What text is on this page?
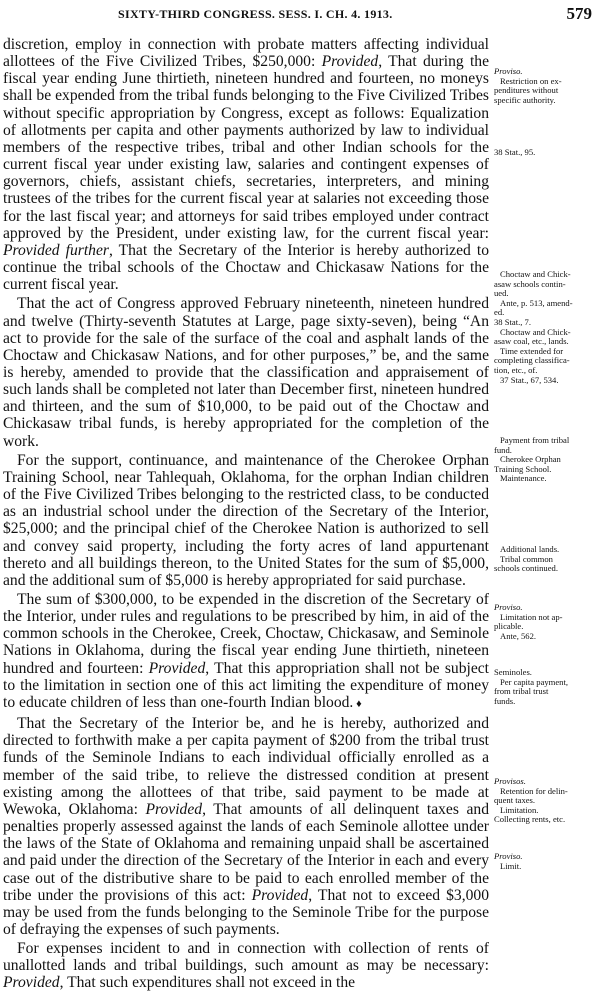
SIXTY-THIRD CONGRESS. SESS. I. CH. 4. 1913.	579

discretion, employ in connection with probate matters affecting individual allottees of the Five Civilized Tribes, $250,000: Provided, That during the fiscal year ending June thirtieth, nineteen hundred and fourteen, no moneys shall be expended from the tribal funds belonging to the Five Civilized Tribes without specific appropriation by Congress, except as follows: Equalization of allotments per capita and other payments authorized by law to individual members of the respective tribes, tribal and other Indian schools for the current fiscal year under existing law, salaries and contingent expenses of governors, chiefs, assistant chiefs, secretaries, interpreters, and mining trustees of the tribes for the current fiscal year at salaries not exceeding those for the last fiscal year; and attorneys for said tribes employed under contract approved by the President, under existing law, for the current fiscal year: Provided further, That the Secretary of the Interior is hereby authorized to continue the tribal schools of the Choctaw and Chickasaw Nations for the current fiscal year.

That the act of Congress approved February nineteenth, nineteen hundred and twelve (Thirty-seventh Statutes at Large, page sixty-seven), being “An act to provide for the sale of the surface of the coal and asphalt lands of the Choctaw and Chickasaw Nations, and for other purposes,” be, and the same is hereby, amended to provide that the classification and appraisement of such lands shall be completed not later than December first, nineteen hundred and thirteen, and the sum of $10,000, to be paid out of the Choctaw and Chickasaw tribal funds, is hereby appropriated for the completion of the work.

For the support, continuance, and maintenance of the Cherokee Orphan Training School, near Tahlequah, Oklahoma, for the orphan Indian children of the Five Civilized Tribes belonging to the restricted class, to be conducted as an industrial school under the direction of the Secretary of the Interior, $25,000; and the principal chief of the Cherokee Nation is authorized to sell and convey said property, including the forty acres of land appurtenant thereto and all buildings thereon, to the United States for the sum of $5,000, and the additional sum of $5,000 is hereby appropriated for said purchase.

The sum of $300,000, to be expended in the discretion of the Secretary of the Interior, under rules and regulations to be prescribed by him, in aid of the common schools in the Cherokee, Creek, Choctaw, Chickasaw, and Seminole Nations in Oklahoma, during the fiscal year ending June thirtieth, nineteen hundred and fourteen: Provided, That this appropriation shall not be subject to the limitation in section one of this act limiting the expenditure of money to educate children of less than one-fourth Indian blood. ♦

That the Secretary of the Interior be, and he is hereby, authorized and directed to forthwith make a per capita payment of $200 from the tribal trust funds of the Seminole Indians to each individual officially enrolled as a member of the said tribe, to relieve the distressed condition at present existing among the allottees of that tribe, said payment to be made at Wewoka, Oklahoma: Provided, That amounts of all delinquent taxes and penalties properly assessed against the lands of each Seminole allottee under the laws of the State of Oklahoma and remaining unpaid shall be ascertained and paid under the direction of the Secretary of the Interior in each and every case out of the distributive share to be paid to each enrolled member of the tribe under the provisions of this act: Provided, That not to exceed $3,000 may be used from the funds belonging to the Seminole Tribe for the purpose of defraying the expenses of such payments.

For expenses incident to and in connection with collection of rents of unallotted lands and tribal buildings, such amount as may be necessary: Provided, That such expenditures shall not exceed in the

Proviso.
Restriction on ex-
penditures without
specific authority.
38 Stat., 95.
Choctaw and Chick-
asaw schools contin-
ued.
Ante, p. 513, amend-
ed.
38 Stat., 7.
Choctaw and Chick-
asaw coal, etc., lands.
Time extended for
completing classifica-
tion, etc., of.
37 Stat., 67, 534.
Payment from tribal
fund.
Cherokee Orphan
Training School.
Maintenance.
Additional lands.
Tribal common
schools continued.
Proviso.
Limitation not ap-
plicable.
Ante, 562.
Seminoles.
Per capita payment,
from tribal trust
funds.
Provisos.
Retention for delin-
quent taxes.
Limitation.
Collecting rents, etc.
Proviso.
Limit.
